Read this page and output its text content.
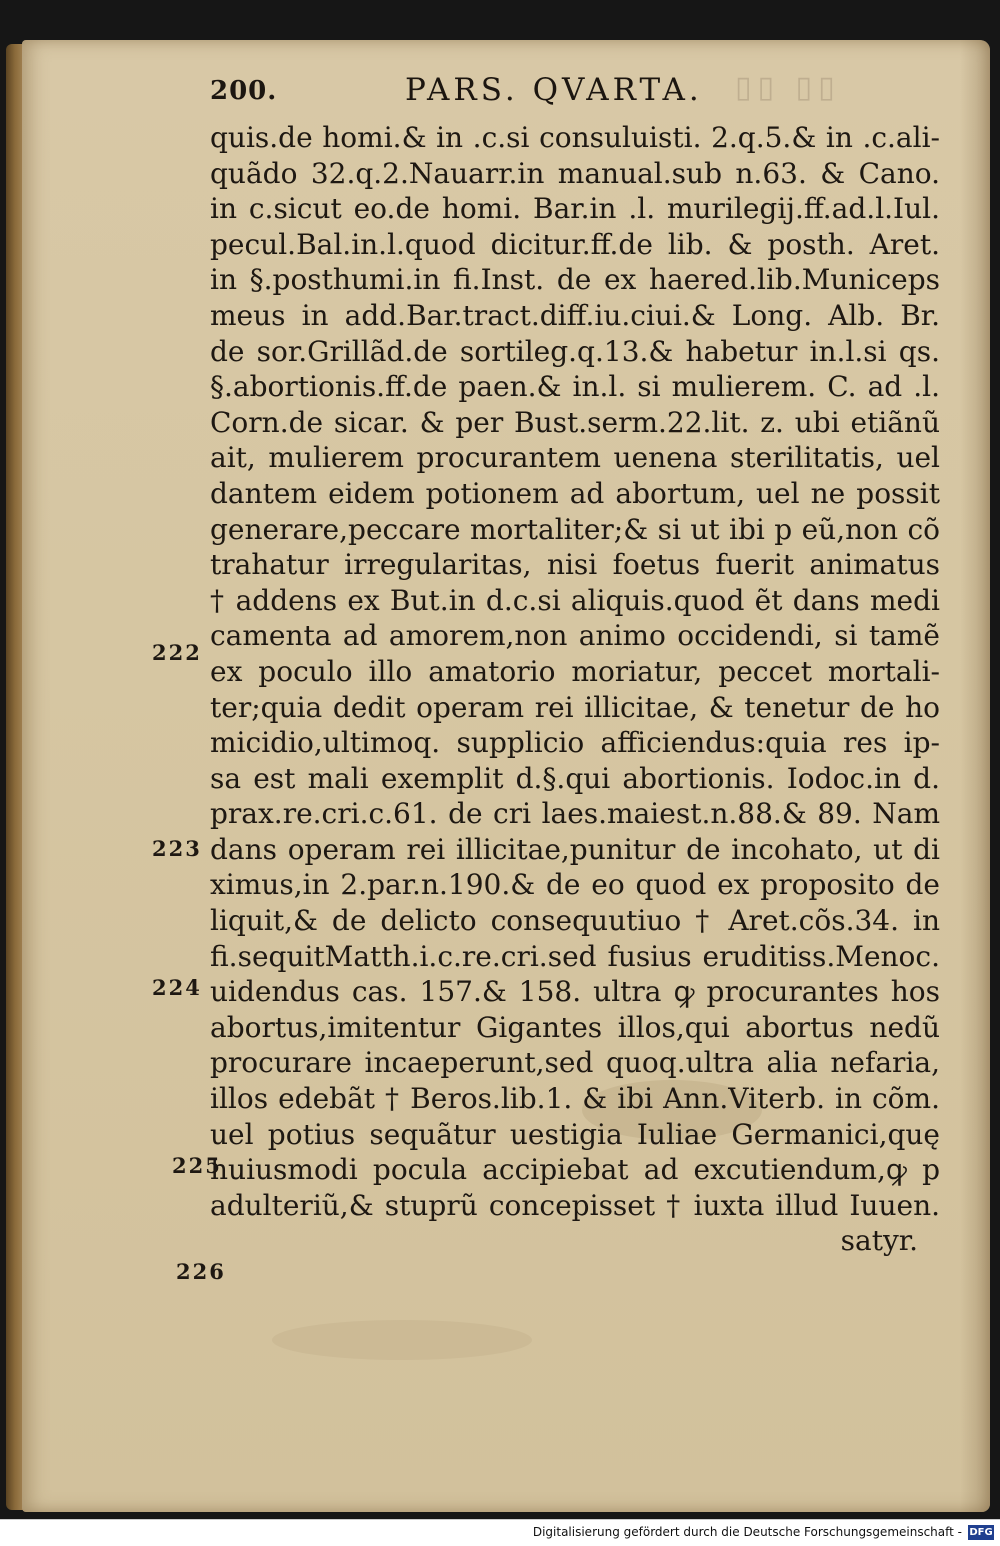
200.	PARS. QVARTA. ▯▯ ▯▯
quis.de homi.& in .c.si consuluisti. 2.q.5.& in .c.ali-
quãdo 32.q.2.Nauarr.in manual.sub n.63. & Cano.
in c.sicut eo.de homi. Bar.in .l. murilegij.ff.ad.l.Iul.
pecul.Bal.in.l.quod dicitur.ff.de lib. & posth. Aret.
in §.posthumi.in fi.Inst. de ex haered.lib.Municeps
meus in add.Bar.tract.diff.iu.ciui.& Long. Alb. Br.
de sor.Grillãd.de sortileg.q.13.& habetur in.l.si qs.
§.abortionis.ff.de paen.& in.l. si mulierem. C. ad .l.
Corn.de sicar. & per Bust.serm.22.lit. z. ubi etiãnũ
ait, mulierem procurantem uenena sterilitatis, uel
dantem eidem potionem ad abortum, uel ne possit
generare,peccare mortaliter;& si ut ibi p eũ,non cõ
trahatur irregularitas, nisi foetus fuerit animatus
† addens ex But.in d.c.si aliquis.quod ẽt dans medi
camenta ad amorem,non animo occidendi, si tamẽ
ex poculo illo amatorio moriatur, peccet mortali-
ter;quia dedit operam rei illicitae, & tenetur de ho
micidio,ultimoq. supplicio afficiendus:quia res ip-
sa est mali exemplit d.§.qui abortionis. Iodoc.in d.
prax.re.cri.c.61. de cri laes.maiest.n.88.& 89. Nam
dans operam rei illicitae,punitur de incohato, ut di
ximus,in 2.par.n.190.& de eo quod ex proposito de
liquit,& de delicto consequutiuo † Aret.cõs.34. in
fi.sequitMatth.i.c.re.cri.sed fusius eruditiss.Menoc.
uidendus cas. 157.& 158. ultra ꝙ procurantes hos
abortus,imitentur Gigantes illos,qui abortus nedũ
procurare incaeperunt,sed quoq.ultra alia nefaria,
illos edebãt † Beros.lib.1. & ibi Ann.Viterb. in cõm.
uel potius sequãtur uestigia Iuliae Germanici,quę
huiusmodi pocula accipiebat ad excutiendum,ꝙ p
adulteriũ,& stuprũ concepisset † iuxta illud Iuuen.
satyr.
222
223
224
225
226
Digitalisierung gefördert durch die Deutsche Forschungsgemeinschaft - DFG
